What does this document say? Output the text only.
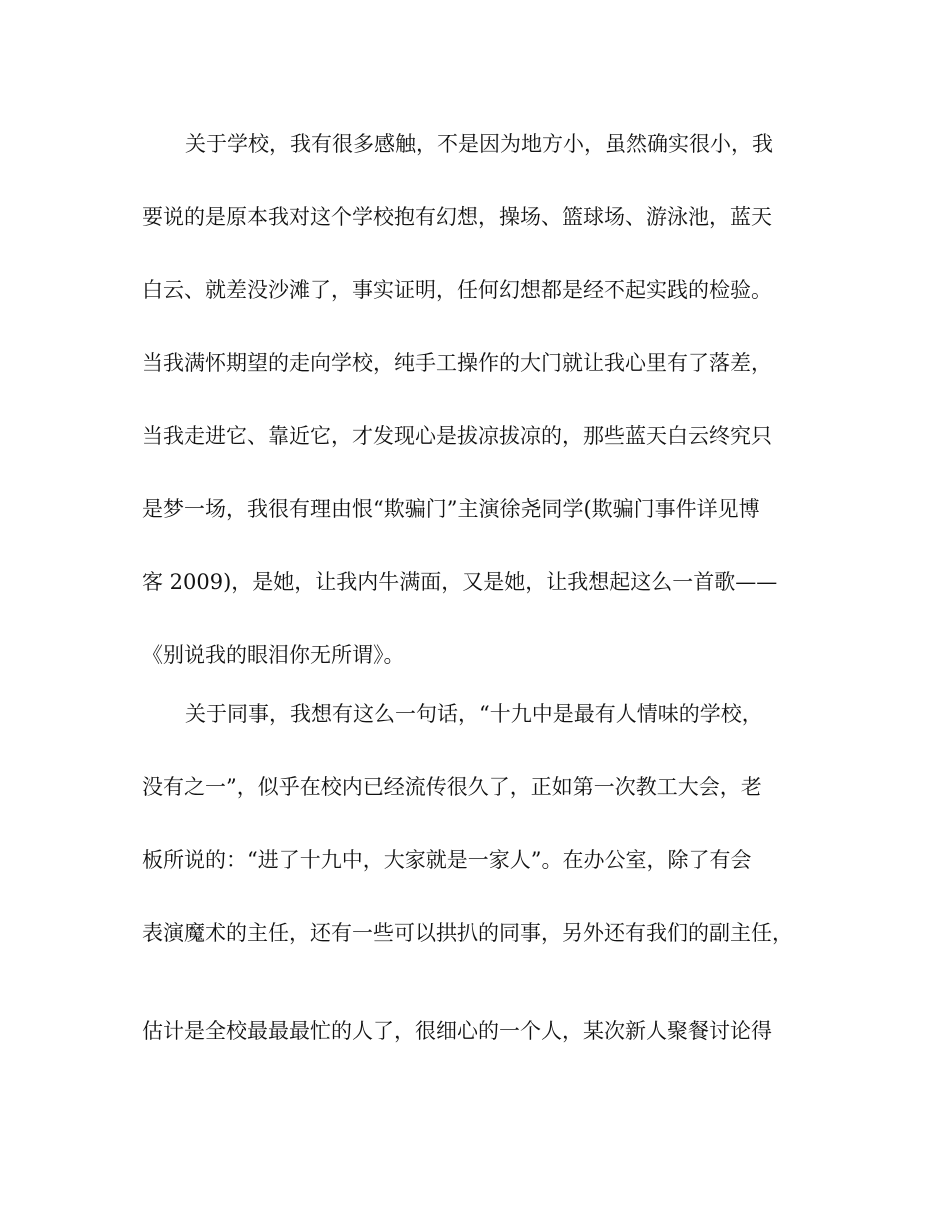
关于学校，我有很多感触，不是因为地方小，虽然确实很小，我
要说的是原本我对这个学校抱有幻想，操场、篮球场、游泳池，蓝天
白云、就差没沙滩了，事实证明，任何幻想都是经不起实践的检验。
当我满怀期望的走向学校，纯手工操作的大门就让我心里有了落差，
当我走进它、靠近它，才发现心是拔凉拔凉的，那些蓝天白云终究只
是梦一场，我很有理由恨“欺骗门”主演徐尧同学(欺骗门事件详见博
客 2009)，是她，让我内牛满面，又是她，让我想起这么一首歌——
《别说我的眼泪你无所谓》。
关于同事，我想有这么一句话，“十九中是最有人情味的学校，
没有之一”，似乎在校内已经流传很久了，正如第一次教工大会，老
板所说的：“进了十九中，大家就是一家人”。在办公室，除了有会
表演魔术的主任，还有一些可以拱扒的同事，另外还有我们的副主任，
估计是全校最最最忙的人了，很细心的一个人，某次新人聚餐讨论得
